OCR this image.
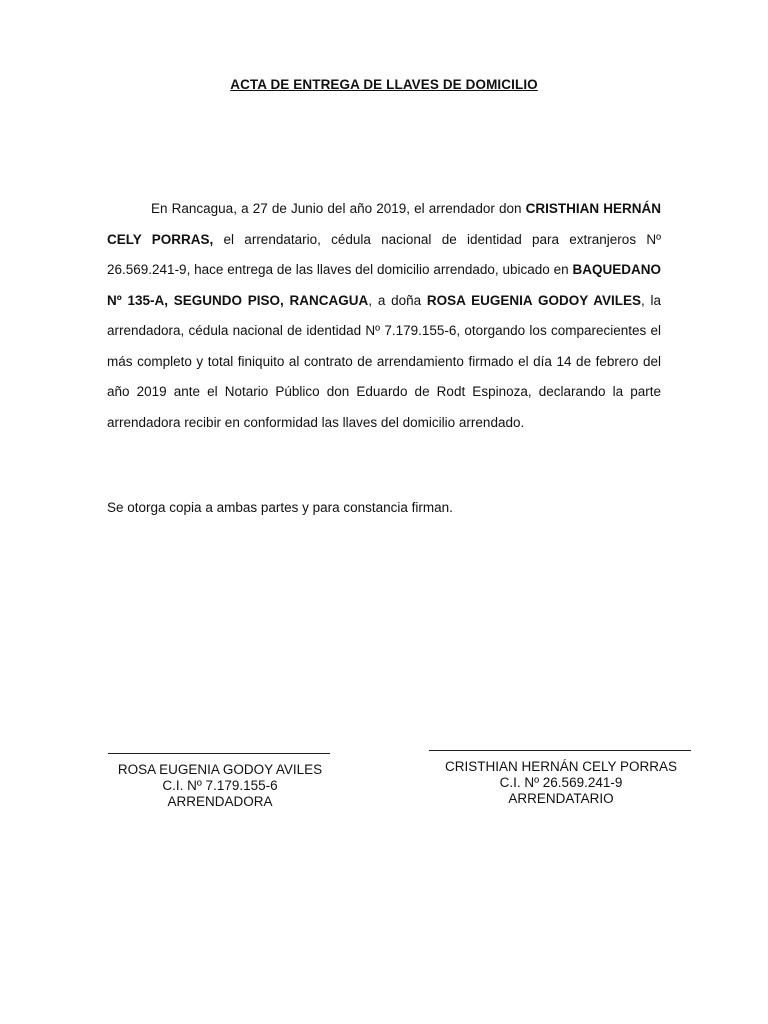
ACTA DE ENTREGA DE LLAVES DE DOMICILIO

En Rancagua, a 27 de Junio del año 2019, el arrendador don CRISTHIAN HERNÁN CELY PORRAS, el arrendatario, cédula nacional de identidad para extranjeros Nº 26.569.241-9, hace entrega de las llaves del domicilio arrendado, ubicado en BAQUEDANO Nº 135-A, SEGUNDO PISO, RANCAGUA, a doña ROSA EUGENIA GODOY AVILES, la arrendadora, cédula nacional de identidad Nº 7.179.155-6, otorgando los comparecientes el más completo y total finiquito al contrato de arrendamiento firmado el día 14 de febrero del año 2019 ante el Notario Público don Eduardo de Rodt Espinoza, declarando la parte arrendadora recibir en conformidad las llaves del domicilio arrendado.

Se otorga copia a ambas partes y para constancia firman.

ROSA EUGENIA GODOY AVILES
C.I. Nº 7.179.155-6
ARRENDADORA
CRISTHIAN HERNÁN CELY PORRAS
C.I. Nº 26.569.241-9
ARRENDATARIO
